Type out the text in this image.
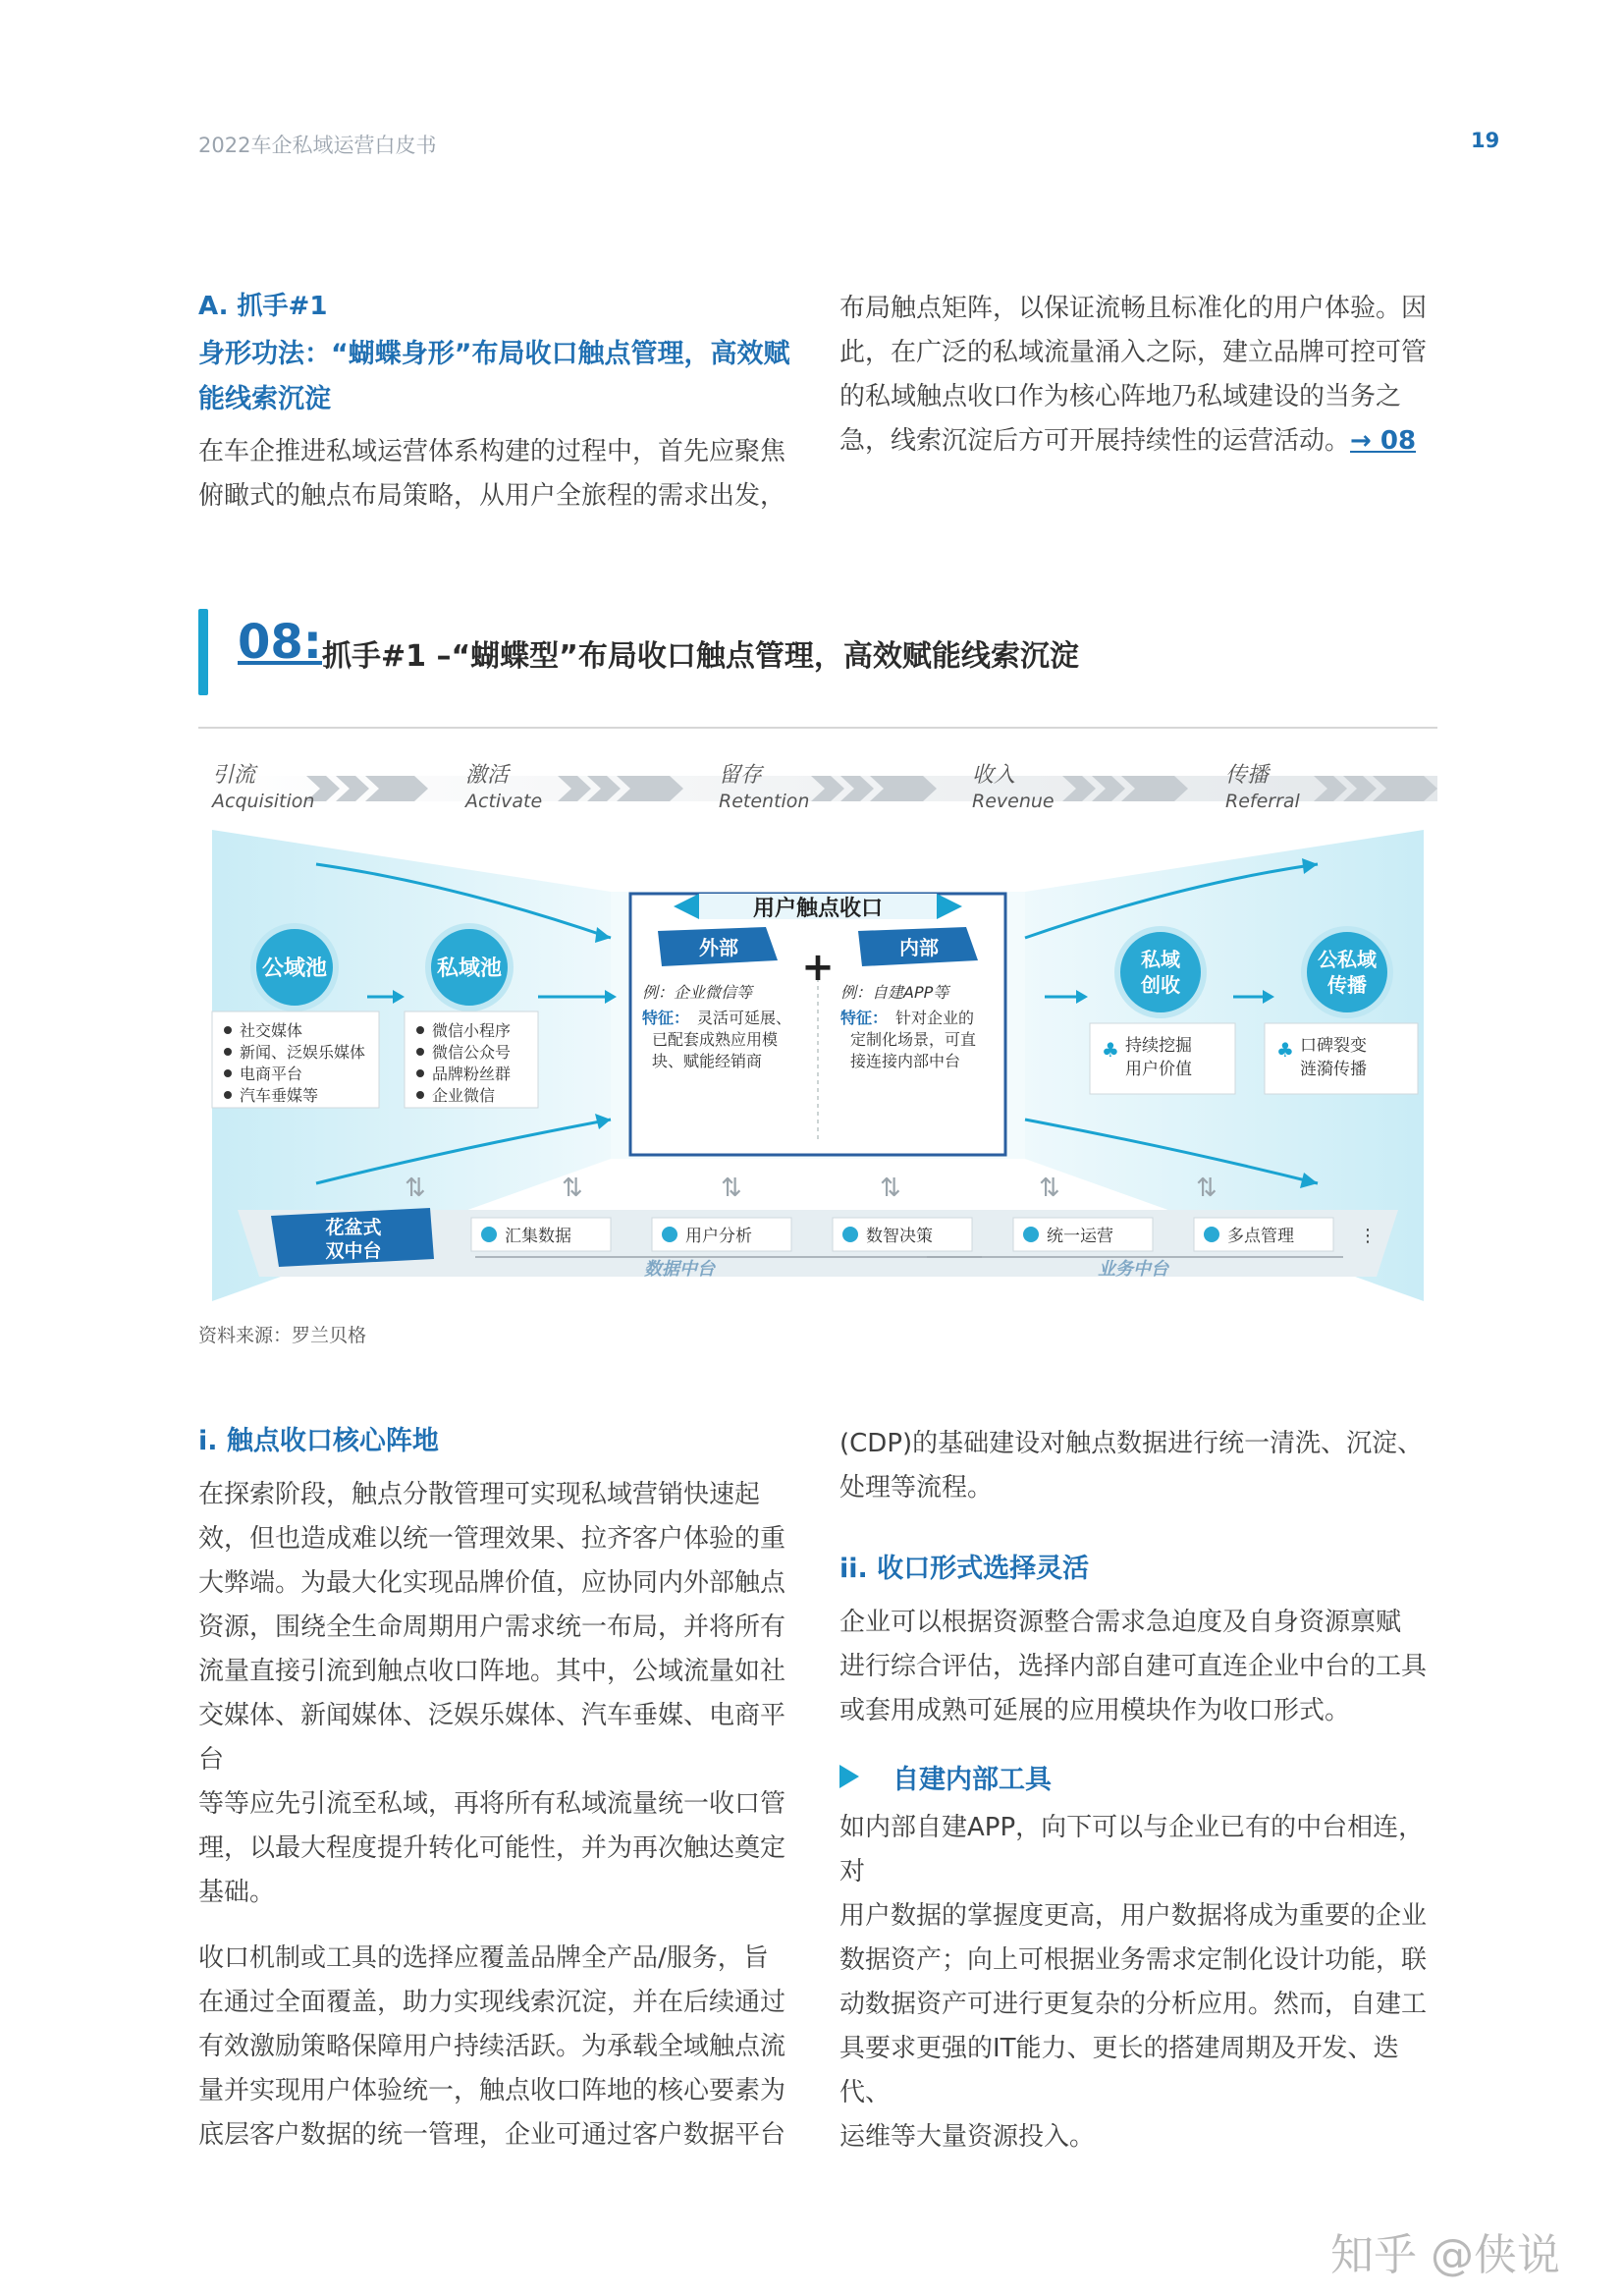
2022车企私域运营白皮书	19
A. 抓手#1
身形功法：“蝴蝶身形”布局收口触点管理，高效赋
能线索沉淀
在车企推进私域运营体系构建的过程中，首先应聚焦
俯瞰式的触点布局策略，从用户全旅程的需求出发，
布局触点矩阵，以保证流畅且标准化的用户体验。因
此，在广泛的私域流量涌入之际，建立品牌可控可管
的私域触点收口作为核心阵地乃私域建设的当务之
急，线索沉淀后方可开展持续性的运营活动。→ 08
08: 抓手#1 –“蝴蝶型”布局收口触点管理，高效赋能线索沉淀
引流
Acquisition
激活
Activate
留存
Retention
收入
Revenue
传播
Referral
公域池
社交媒体
新闻、泛娱乐媒体
电商平台
汽车垂媒等
私域池
微信小程序
微信公众号
品牌粉丝群
企业微信
用户触点收口
外部
例：企业微信等
特征： 灵活可延展、
已配套成熟应用模
块、赋能经销商
+	内部
例：自建APP等
特征： 针对企业的
定制化场景，可直
接连接内部中台
私域
创收
♣ 持续挖掘
用户价值
公私域
传播
♣ 口碑裂变
涟漪传播
⇅	⇅	⇅	⇅	⇅	⇅
花盆式
双中台
汇集数据	用户分析	数智决策	统一运营	多点管理	⋮
数据中台	业务中台
资料来源：罗兰贝格
i. 触点收口核心阵地
在探索阶段，触点分散管理可实现私域营销快速起
效，但也造成难以统一管理效果、拉齐客户体验的重
大弊端。为最大化实现品牌价值，应协同内外部触点
资源，围绕全生命周期用户需求统一布局，并将所有
流量直接引流到触点收口阵地。其中，公域流量如社
交媒体、新闻媒体、泛娱乐媒体、汽车垂媒、电商平台
等等应先引流至私域，再将所有私域流量统一收口管
理，以最大程度提升转化可能性，并为再次触达奠定
基础。
收口机制或工具的选择应覆盖品牌全产品/服务，旨
在通过全面覆盖，助力实现线索沉淀，并在后续通过
有效激励策略保障用户持续活跃。为承载全域触点流
量并实现用户体验统一，触点收口阵地的核心要素为
底层客户数据的统一管理，企业可通过客户数据平台
(CDP)的基础建设对触点数据进行统一清洗、沉淀、
处理等流程。
ii. 收口形式选择灵活
企业可以根据资源整合需求急迫度及自身资源禀赋
进行综合评估，选择内部自建可直连企业中台的工具
或套用成熟可延展的应用模块作为收口形式。
自建内部工具
如内部自建APP，向下可以与企业已有的中台相连，对
用户数据的掌握度更高，用户数据将成为重要的企业
数据资产；向上可根据业务需求定制化设计功能，联
动数据资产可进行更复杂的分析应用。然而，自建工
具要求更强的IT能力、更长的搭建周期及开发、迭代、
运维等大量资源投入。
知乎 @侠说
